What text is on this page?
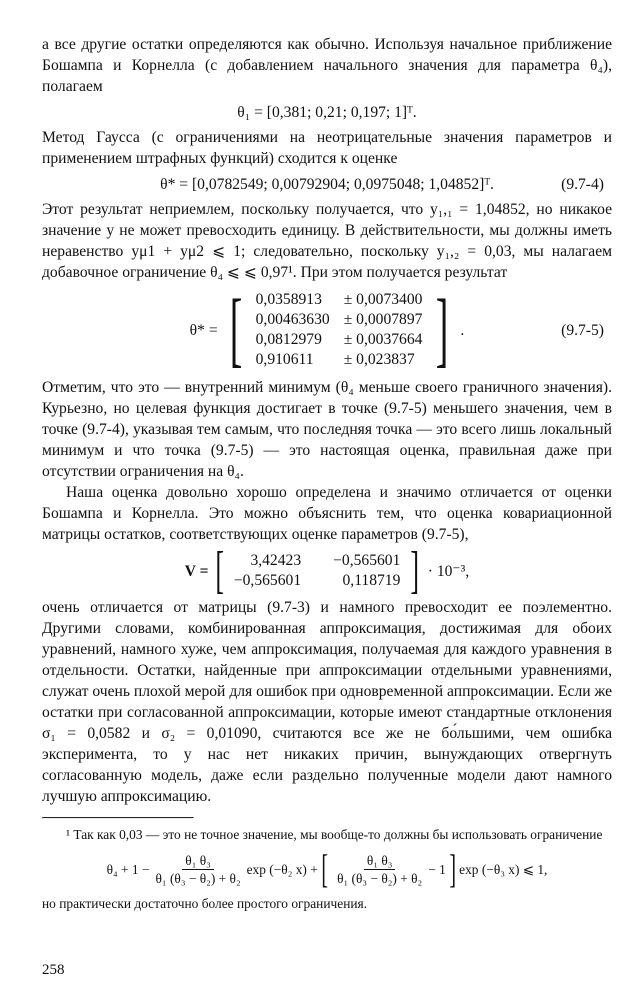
а все другие остатки определяются как обычно. Используя начальное приближение Бошампа и Корнелла (с добавлением начального значения для параметра θ₄), полагаем

θ₁ = [0,381; 0,21; 0,197; 1]ᵀ.

Метод Гаусса (с ограничениями на неотрицательные значения параметров и применением штрафных функций) сходится к оценке

θ* = [0,0782549; 0,00792904; 0,0975048; 1,04852]ᵀ.	(9.7-4)

Этот результат неприемлем, поскольку получается, что y₁,₁ = 1,04852, но никакое значение y не может превосходить единицу. В действительности, мы должны иметь неравенство yμ1 + yμ2 ⩽ 1; следовательно, поскольку y₁,₂ = 0,03, мы налагаем добавочное ограничение θ₄ ⩽ ⩽ 0,97¹. При этом получается результат

θ* = [ 0,0358913	± 0,0073400
0,00463630	± 0,0007897
0,0812979	± 0,0037664
0,910611	± 0,023837 ] .	(9.7-5)

Отметим, что это — внутренний минимум (θ₄ меньше своего граничного значения). Курьезно, но целевая функция достигает в точке (9.7-5) меньшего значения, чем в точке (9.7-4), указывая тем самым, что последняя точка — это всего лишь локальный минимум и что точка (9.7-5) — это настоящая оценка, правильная даже при отсутствии ограничения на θ₄.

Наша оценка довольно хорошо определена и значимо отличается от оценки Бошампа и Корнелла. Это можно объяснить тем, что оценка ковариационной матрицы остатков, соответствующих оценке параметров (9.7-5),

V = [ 3,42423	−0,565601
−0,565601	0,118719 ] · 10⁻³,

очень отличается от матрицы (9.7-3) и намного превосходит ее поэлементно. Другими словами, комбинированная аппроксимация, достижимая для обоих уравнений, намного хуже, чем аппроксимация, получаемая для каждого уравнения в отдельности. Остатки, найденные при аппроксимации отдельными уравнениями, служат очень плохой мерой для ошибок при одновременной аппроксимации. Если же остатки при согласованной аппроксимации, которые имеют стандартные отклонения σ₁ = 0,0582 и σ₂ = 0,01090, считаются все же не бо́льшими, чем ошибка эксперимента, то у нас нет никаких причин, вынуждающих отвергнуть согласованную модель, даже если раздельно полученные модели дают намного лучшую аппроксимацию.

¹ Так как 0,03 — это не точное значение, мы вообще-то должны бы использовать ограничение

$\theta_4 + 1 - \frac{\text{θ₁ θ₃}}{\text{θ₁ (θ₃ − θ₂) + θ₂}}$ exp (−θ₂ x) + [ $\frac{\text{θ₁ θ₃}}{\text{θ₁ (θ₃ − θ₂) + θ₂}} - 1$ ] exp (−θ₃ x) ⩽ 1,

но практически достаточно более простого ограничения.

258
